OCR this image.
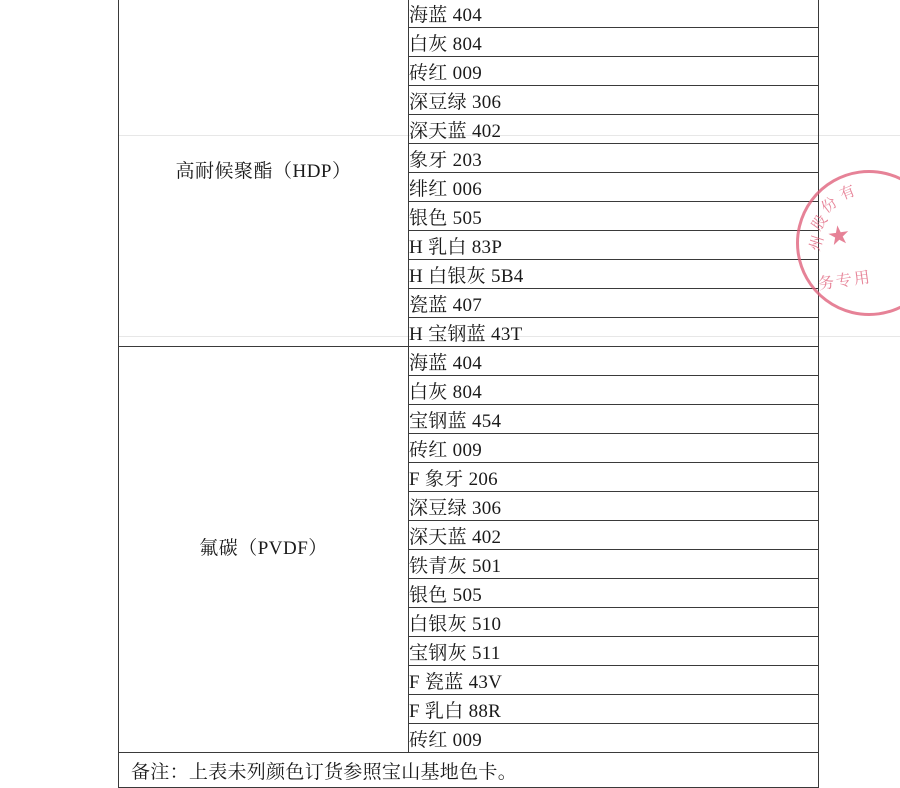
高耐候聚酯（HDP）	海蓝 404
	白灰 804
	砖红 009
	深豆绿 306
	深天蓝 402
	象牙 203
	绯红 006
	银色 505
	H 乳白 83P
	H 白银灰 5B4
	瓷蓝 407
	H 宝钢蓝 43T
氟碳（PVDF）	海蓝 404
	白灰 804
	宝钢蓝 454
	砖红 009
	F 象牙 206
	深豆绿 306
	深天蓝 402
	铁青灰 501
	银色 505
	白银灰 510
	宝钢灰 511
	F 瓷蓝 43V
	F 乳白 88R
	砖红 009
备注：上表未列颜色订货参照宝山基地色卡。	
州
股
份
有
★
务专用
